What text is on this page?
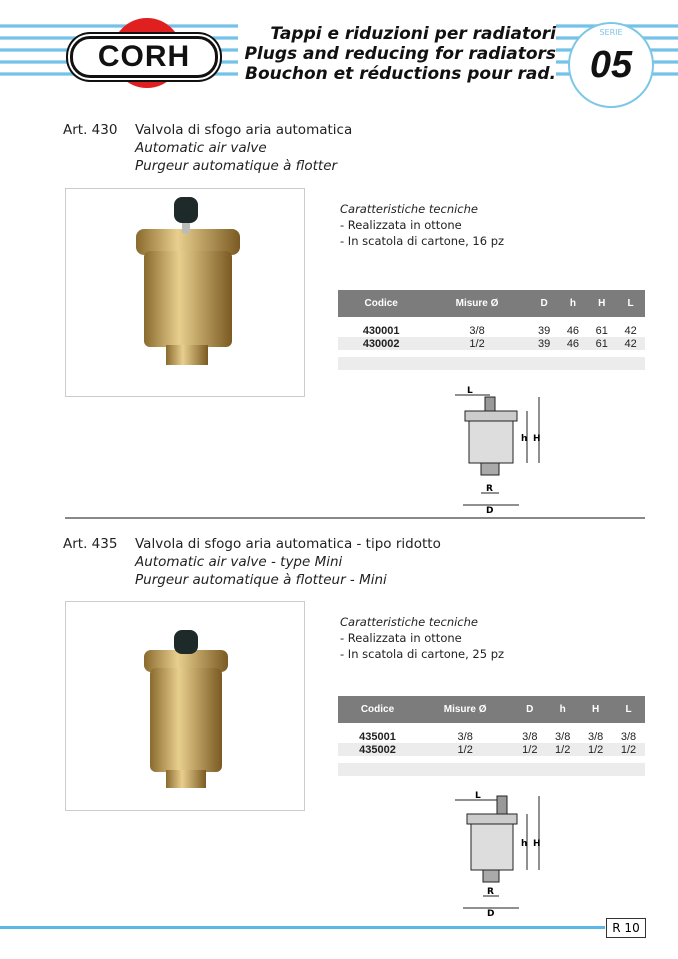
CORH
Tappi e riduzioni per radiatori
Plugs and reducing for radiators
Bouchon et réductions pour rad.
SERIE
05
Art. 430	Valvola di sfogo aria automatica
Automatic air valve
Purgeur automatique à flotter
Caratteristiche tecniche
- Realizzata in ottone
- In scatola di cartone, 16 pz
Codice	Misure Ø	D	h	H	L

430001	3/8	39	46	61	42
430002	1/2	39	46	61	42

L
h H
R
D
Art. 435	Valvola di sfogo aria automatica - tipo ridotto
Automatic air valve - type Mini
Purgeur automatique à flotteur - Mini
Caratteristiche tecniche
- Realizzata in ottone
- In scatola di cartone, 25 pz
Codice	Misure Ø	D	h	H	L

435001	3/8	3/8	3/8	3/8	3/8
435002	1/2	1/2	1/2	1/2	1/2

L
h H
R
D
R 10
